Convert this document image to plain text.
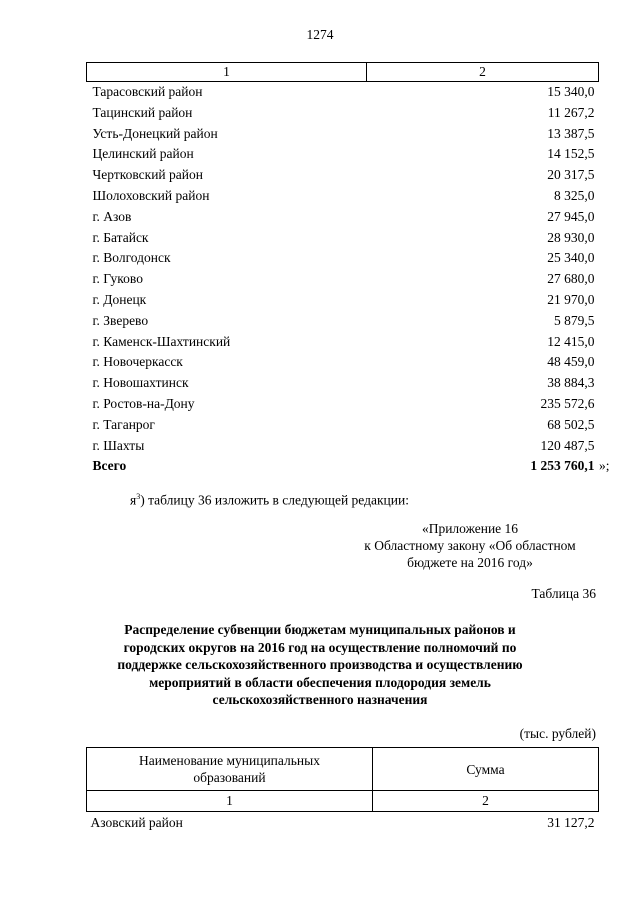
1274
1	2
Тарасовский район	15 340,0
Тацинский район	11 267,2
Усть-Донецкий район	13 387,5
Целинский район	14 152,5
Чертковский район	20 317,5
Шолоховский район	8 325,0
г. Азов	27 945,0
г. Батайск	28 930,0
г. Волгодонск	25 340,0
г. Гуково	27 680,0
г. Донецк	21 970,0
г. Зверево	5 879,5
г. Каменск-Шахтинский	12 415,0
г. Новочеркасск	48 459,0
г. Новошахтинск	38 884,3
г. Ростов-на-Дону	235 572,6
г. Таганрог	68 502,5
г. Шахты	120 487,5
Всего	1 253 760,1 »;
$я^3$) таблицу 36 изложить в следующей редакции:
«Приложение 16
к Областному закону «Об областном
бюджете на 2016 год»
Таблица 36
Распределение субвенции бюджетам муниципальных районов и
городских округов на 2016 год на осуществление полномочий по
поддержке сельскохозяйственного производства и осуществлению
мероприятий в области обеспечения плодородия земель
сельскохозяйственного назначения
(тыс. рублей)
Наименование муниципальных
образований	Сумма
1	2
Азовский район	31 127,2
